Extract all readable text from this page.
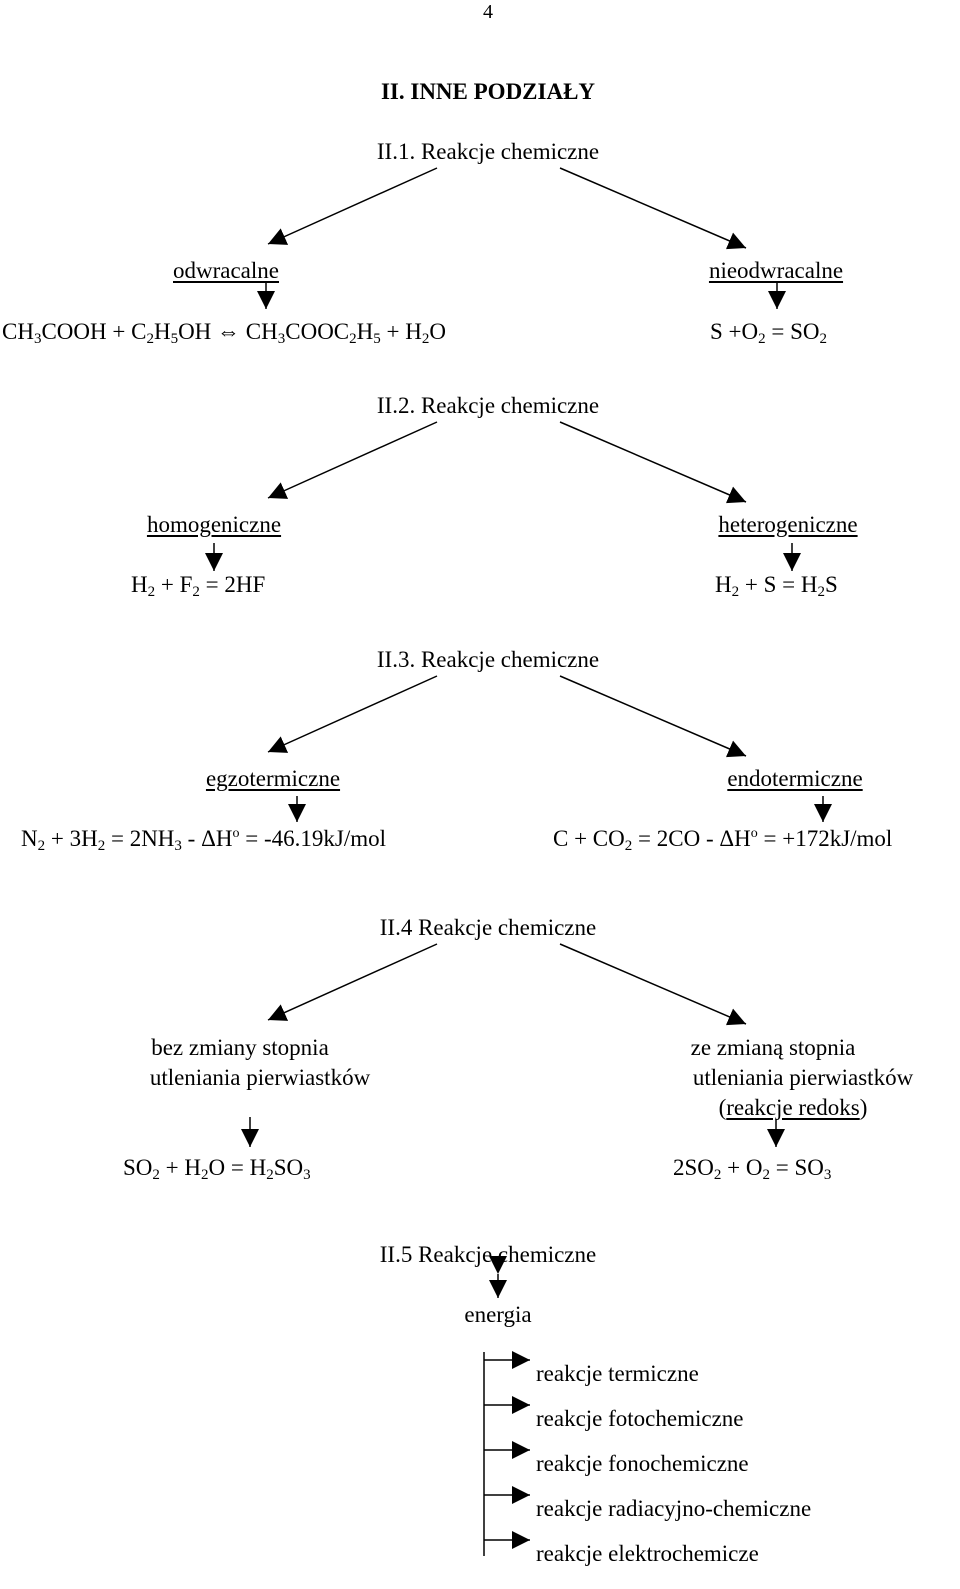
4
II. INNE PODZIAŁY
II.1. Reakcje chemiczne
odwracalne	nieodwracalne
$CH_3COOH + C_2H_5OH$ ⇔ $CH_3COOC_2H_5 + H_2O$	$S +O_2 = SO_2$
II.2. Reakcje chemiczne
homogeniczne	heterogeniczne
$H_2 + F_2 = 2HF$	$H_2 + S = H_2S$
II.3. Reakcje chemiczne
egzotermiczne	endotermiczne
$N_2 + 3H_2 = 2NH_3 - \Delta H^o = -46.19kJ/mol$	$C + CO_2 = 2CO - \Delta H^o = +172kJ/mol$
II.4 Reakcje chemiczne
bez zmiany stopnia
utleniania pierwiastków
ze zmianą stopnia
utleniania pierwiastków
(reakcje redoks)
$SO_2 + H_2O = H_2SO_3$	$2SO_2 + O_2 = SO_3$
II.5 Reakcje chemiczne
energia
reakcje termiczne
reakcje fotochemiczne
reakcje fonochemiczne
reakcje radiacyjno-chemiczne
reakcje elektrochemicze
